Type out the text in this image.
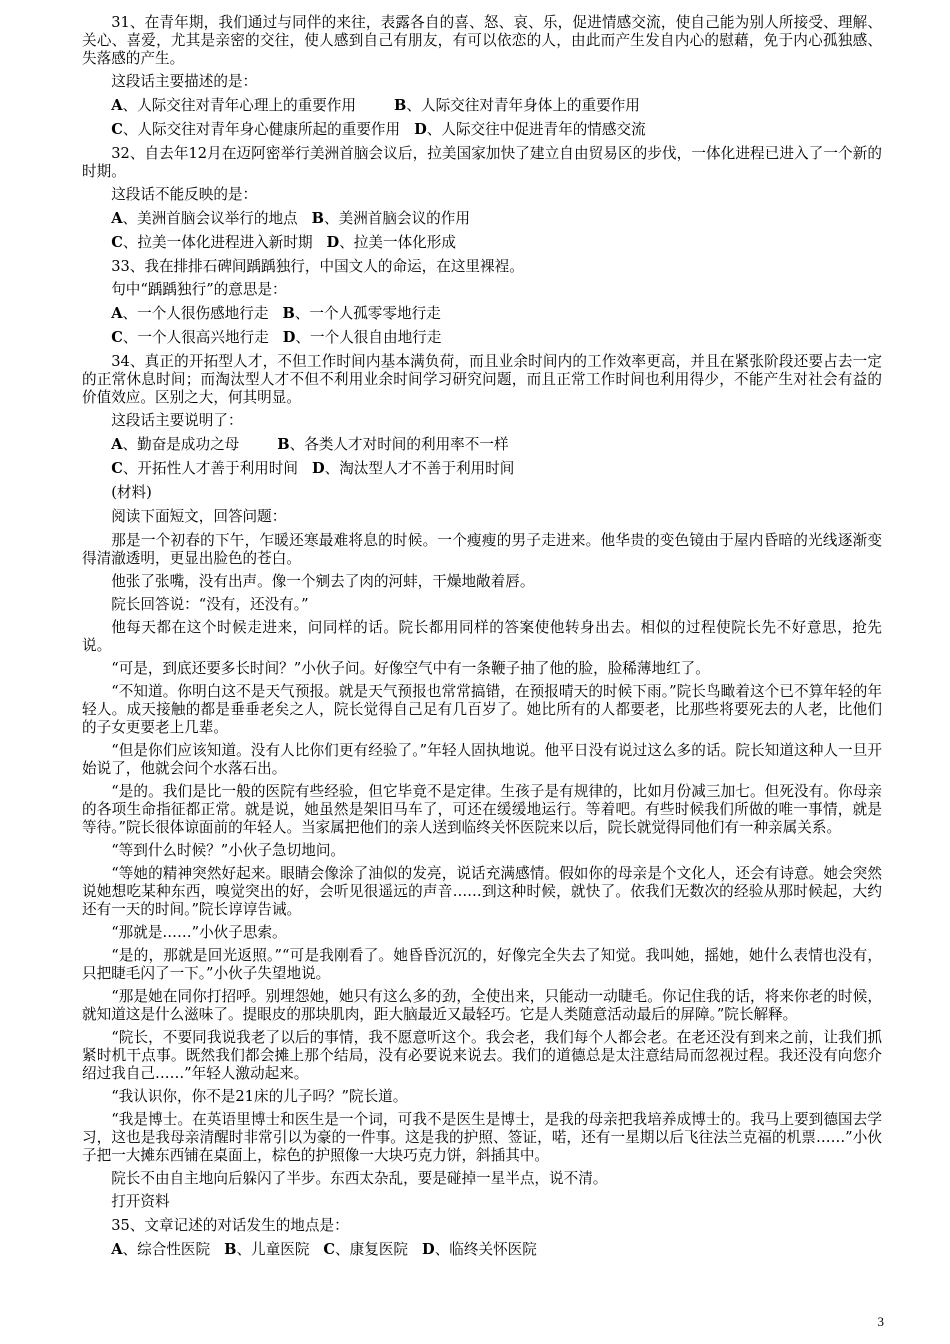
31、在青年期，我们通过与同伴的来往，表露各自的喜、怒、哀、乐，促进情感交流，使自己能为别人所接受、理解、关心、喜爱，尤其是亲密的交往，使人感到自己有朋友，有可以依恋的人，由此而产生发自内心的慰藉，免于内心孤独感、失落感的产生。

这段话主要描述的是：
A、人际交往对青年心理上的重要作用	B、人际交往对青年身体上的重要作用
C、人际交往对青年身心健康所起的重要作用 D、人际交往中促进青年的情感交流

32、自去年12月在迈阿密举行美洲首脑会议后，拉美国家加快了建立自由贸易区的步伐，一体化进程已进入了一个新的时期。

这段话不能反映的是：
A、美洲首脑会议举行的地点 B、美洲首脑会议的作用
C、拉美一体化进程进入新时期 D、拉美一体化形成

33、我在排排石碑间踽踽独行，中国文人的命运，在这里裸裎。

句中“踽踽独行”的意思是：
A、一个人很伤感地行走 B、一个人孤零零地行走
C、一个人很高兴地行走 D、一个人很自由地行走

34、真正的开拓型人才，不但工作时间内基本满负荷，而且业余时间内的工作效率更高，并且在紧张阶段还要占去一定的正常休息时间；而淘汰型人才不但不利用业余时间学习研究问题，而且正常工作时间也利用得少，不能产生对社会有益的价值效应。区别之大，何其明显。

这段话主要说明了：
A、勤奋是成功之母	B、各类人才对时间的利用率不一样
C、开拓性人才善于利用时间 D、淘汰型人才不善于利用时间
(材料)
阅读下面短文，回答问题：

那是一个初春的下午，乍暖还寒最难将息的时候。一个瘦瘦的男子走进来。他华贵的变色镜由于屋内昏暗的光线逐渐变得清澈透明，更显出脸色的苍白。

他张了张嘴，没有出声。像一个剜去了肉的河蚌，干燥地敞着唇。

院长回答说：“没有，还没有。”

他每天都在这个时候走进来，问同样的话。院长都用同样的答案使他转身出去。相似的过程使院长先不好意思，抢先说。

“可是，到底还要多长时间？”小伙子问。好像空气中有一条鞭子抽了他的脸，脸稀薄地红了。

“不知道。你明白这不是天气预报。就是天气预报也常常搞错，在预报晴天的时候下雨。”院长鸟瞰着这个已不算年轻的年轻人。成天接触的都是垂垂老矣之人，院长觉得自己足有几百岁了。她比所有的人都要老，比那些将要死去的人老，比他们的子女更要老上几辈。

“但是你们应该知道。没有人比你们更有经验了。”年轻人固执地说。他平日没有说过这么多的话。院长知道这种人一旦开始说了，他就会问个水落石出。

“是的。我们是比一般的医院有些经验，但它毕竟不是定律。生孩子是有规律的，比如月份减三加七。但死没有。你母亲的各项生命指征都正常。就是说，她虽然是架旧马车了，可还在缓缓地运行。等着吧。有些时候我们所做的唯一事情，就是等待。”院长很体谅面前的年轻人。当家属把他们的亲人送到临终关怀医院来以后，院长就觉得同他们有一种亲属关系。

“等到什么时候？”小伙子急切地问。

“等她的精神突然好起来。眼睛会像涂了油似的发亮，说话充满感情。假如你的母亲是个文化人，还会有诗意。她会突然说她想吃某种东西，嗅觉突出的好，会听见很遥远的声音……到这种时候，就快了。依我们无数次的经验从那时候起，大约还有一天的时间。”院长谆谆告诫。

“那就是……”小伙子思索。

“是的，那就是回光返照。”“可是我刚看了。她昏昏沉沉的，好像完全失去了知觉。我叫她，摇她，她什么表情也没有，只把睫毛闪了一下。”小伙子失望地说。

“那是她在同你打招呼。别埋怨她，她只有这么多的劲，全使出来，只能动一动睫毛。你记住我的话，将来你老的时候，就知道这是什么滋味了。提眼皮的那块肌肉，距大脑最近又最轻巧。它是人类随意活动最后的屏障。”院长解释。

“院长，不要同我说我老了以后的事情，我不愿意听这个。我会老，我们每个人都会老。在老还没有到来之前，让我们抓紧时机干点事。既然我们都会摊上那个结局，没有必要说来说去。我们的道德总是太注意结局而忽视过程。我还没有向您介绍过我自己……”年轻人激动起来。

“我认识你，你不是21床的儿子吗？”院长道。

“我是博士。在英语里博士和医生是一个词，可我不是医生是博士，是我的母亲把我培养成博士的。我马上要到德国去学习，这也是我母亲清醒时非常引以为豪的一件事。这是我的护照、签证，喏，还有一星期以后飞往法兰克福的机票……”小伙子把一大摊东西铺在桌面上，棕色的护照像一大块巧克力饼，斜插其中。

院长不由自主地向后躲闪了半步。东西太杂乱，要是碰掉一星半点，说不清。

打开资料
35、文章记述的对话发生的地点是：
A、综合性医院 B、儿童医院 C、康复医院 D、临终关怀医院
3
